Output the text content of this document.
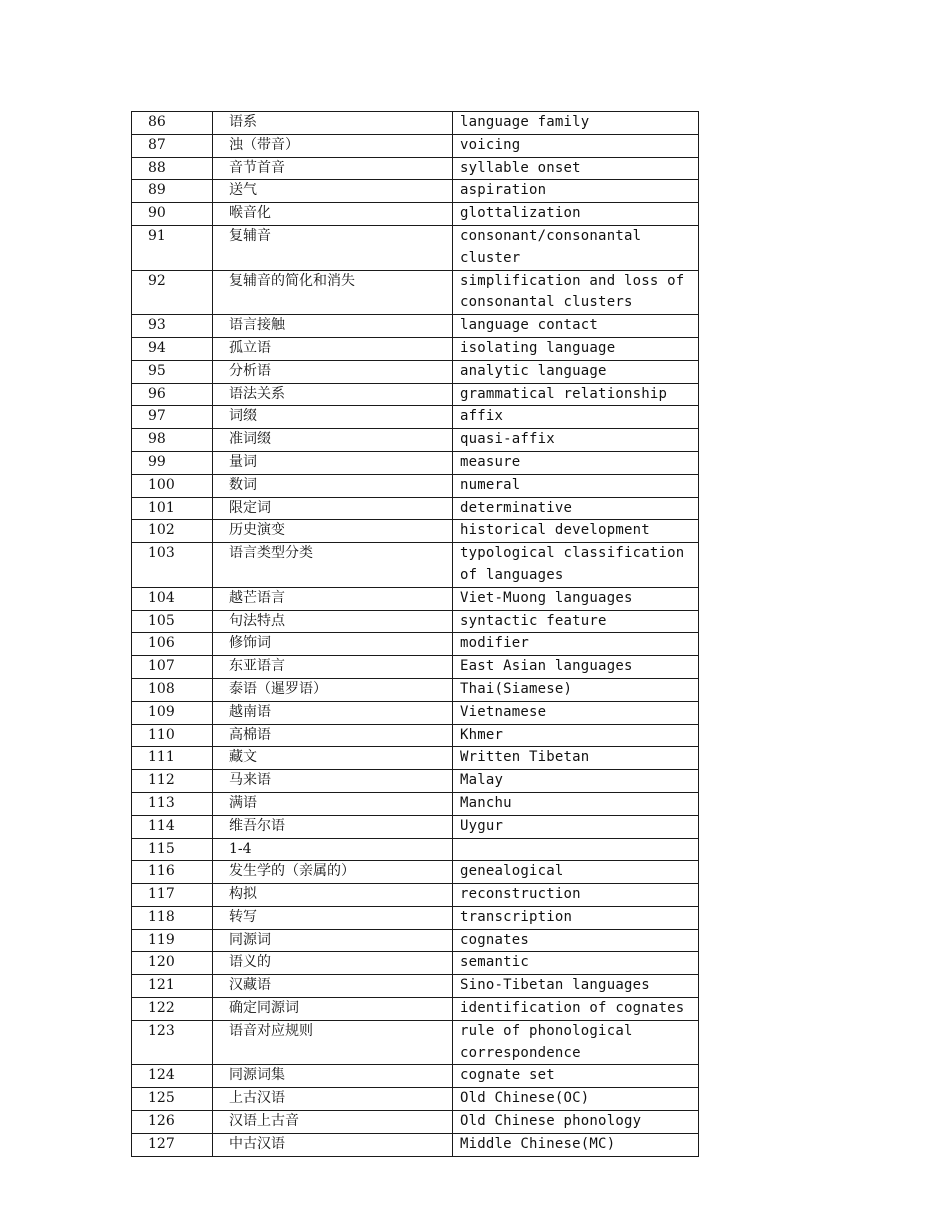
86	语系	language family
87	浊（带音）	voicing
88	音节首音	syllable onset
89	送气	aspiration
90	喉音化	glottalization
91	复辅音	consonant/consonantal cluster
92	复辅音的简化和消失	simplification and loss of consonantal clusters
93	语言接触	language contact
94	孤立语	isolating language
95	分析语	analytic language
96	语法关系	grammatical relationship
97	词缀	affix
98	准词缀	quasi-affix
99	量词	measure
100	数词	numeral
101	限定词	determinative
102	历史演变	historical development
103	语言类型分类	typological classification of languages
104	越芒语言	Viet-Muong languages
105	句法特点	syntactic feature
106	修饰词	modifier
107	东亚语言	East Asian languages
108	泰语（暹罗语）	Thai(Siamese)
109	越南语	Vietnamese
110	高棉语	Khmer
111	藏文	Written Tibetan
112	马来语	Malay
113	满语	Manchu
114	维吾尔语	Uygur
115	1-4	
116	发生学的（亲属的）	genealogical
117	构拟	reconstruction
118	转写	transcription
119	同源词	cognates
120	语义的	semantic
121	汉藏语	Sino-Tibetan languages
122	确定同源词	identification of cognates
123	语音对应规则	rule of phonological correspondence
124	同源词集	cognate set
125	上古汉语	Old Chinese(OC)
126	汉语上古音	Old Chinese phonology
127	中古汉语	Middle Chinese(MC)
